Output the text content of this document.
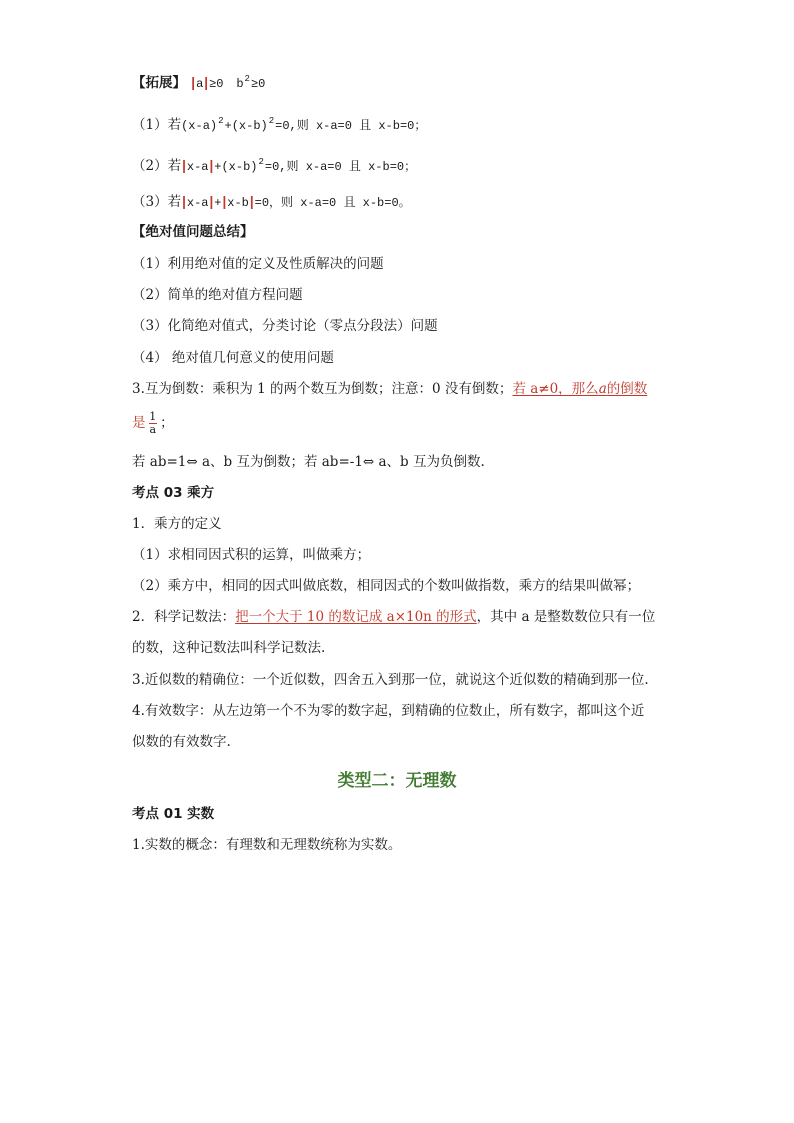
【拓展】 |a|≥0 $b^2\ge 0$
（1）若$(x-a)^2+(x-b)^2=0$,则 x-a=0 且 x-b=0；
（2）若$|x-a|+(x-b)^2=0$,则 x-a=0 且 x-b=0；
（3）若|x-a|+|x-b|=0，则 x-a=0 且 x-b=0。
【绝对值问题总结】
（1）利用绝对值的定义及性质解决的问题
（2）简单的绝对值方程问题
（3）化简绝对值式，分类讨论（零点分段法）问题
（4） 绝对值几何意义的使用问题
3.互为倒数：乘积为 1 的两个数互为倒数；注意：0 没有倒数；若 a≠0，那么a的倒数
是 $\frac{1}{a}$ ；
若 ab=1⇔ a、b 互为倒数；若 ab=-1⇔ a、b 互为负倒数.
考点 03 乘方
1．乘方的定义
（1）求相同因式积的运算，叫做乘方；
（2）乘方中，相同的因式叫做底数，相同因式的个数叫做指数，乘方的结果叫做幂；
2．科学记数法：把一个大于 10 的数记成 a×10n 的形式，其中 a 是整数数位只有一位
的数，这种记数法叫科学记数法.
3.近似数的精确位：一个近似数，四舍五入到那一位，就说这个近似数的精确到那一位.
4.有效数字：从左边第一个不为零的数字起，到精确的位数止，所有数字，都叫这个近
似数的有效数字.
类型二：无理数
考点 01 实数
1.实数的概念：有理数和无理数统称为实数。
